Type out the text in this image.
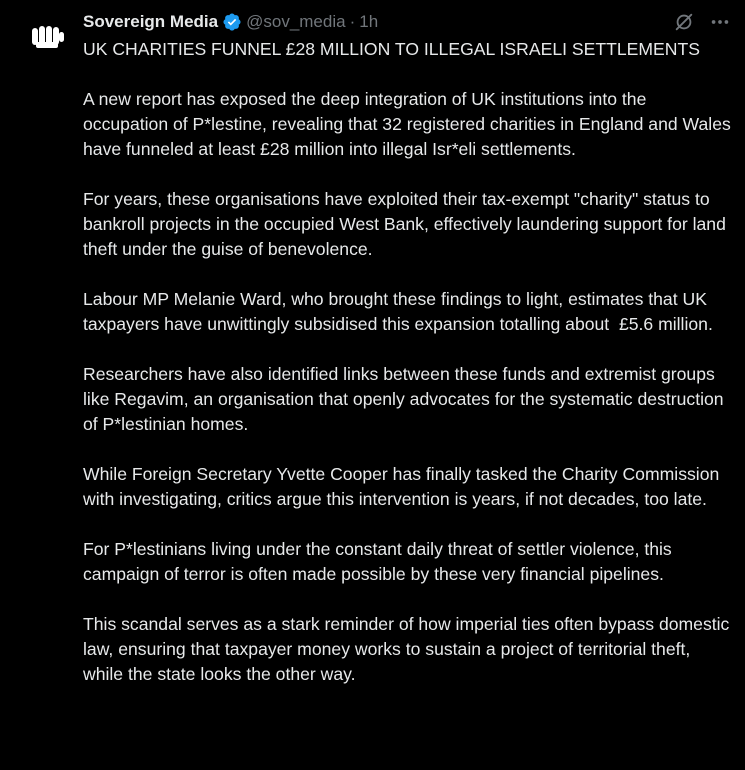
Sovereign Media @sov_media · 1h

UK CHARITIES FUNNEL £28 MILLION TO ILLEGAL ISRAELI SETTLEMENTS

A new report has exposed the deep integration of UK institutions into the occupation of P*lestine, revealing that 32 registered charities in England and Wales have funneled at least £28 million into illegal Isr*eli settlements.

For years, these organisations have exploited their tax-exempt "charity" status to bankroll projects in the occupied West Bank, effectively laundering support for land theft under the guise of benevolence.

Labour MP Melanie Ward, who brought these findings to light, estimates that UK taxpayers have unwittingly subsidised this expansion totalling about  £5.6 million.

Researchers have also identified links between these funds and extremist groups like Regavim, an organisation that openly advocates for the systematic destruction of P*lestinian homes.

While Foreign Secretary Yvette Cooper has finally tasked the Charity Commission with investigating, critics argue this intervention is years, if not decades, too late.

For P*lestinians living under the constant daily threat of settler violence, this campaign of terror is often made possible by these very financial pipelines.

This scandal serves as a stark reminder of how imperial ties often bypass domestic law, ensuring that taxpayer money works to sustain a project of territorial theft, while the state looks the other way.
